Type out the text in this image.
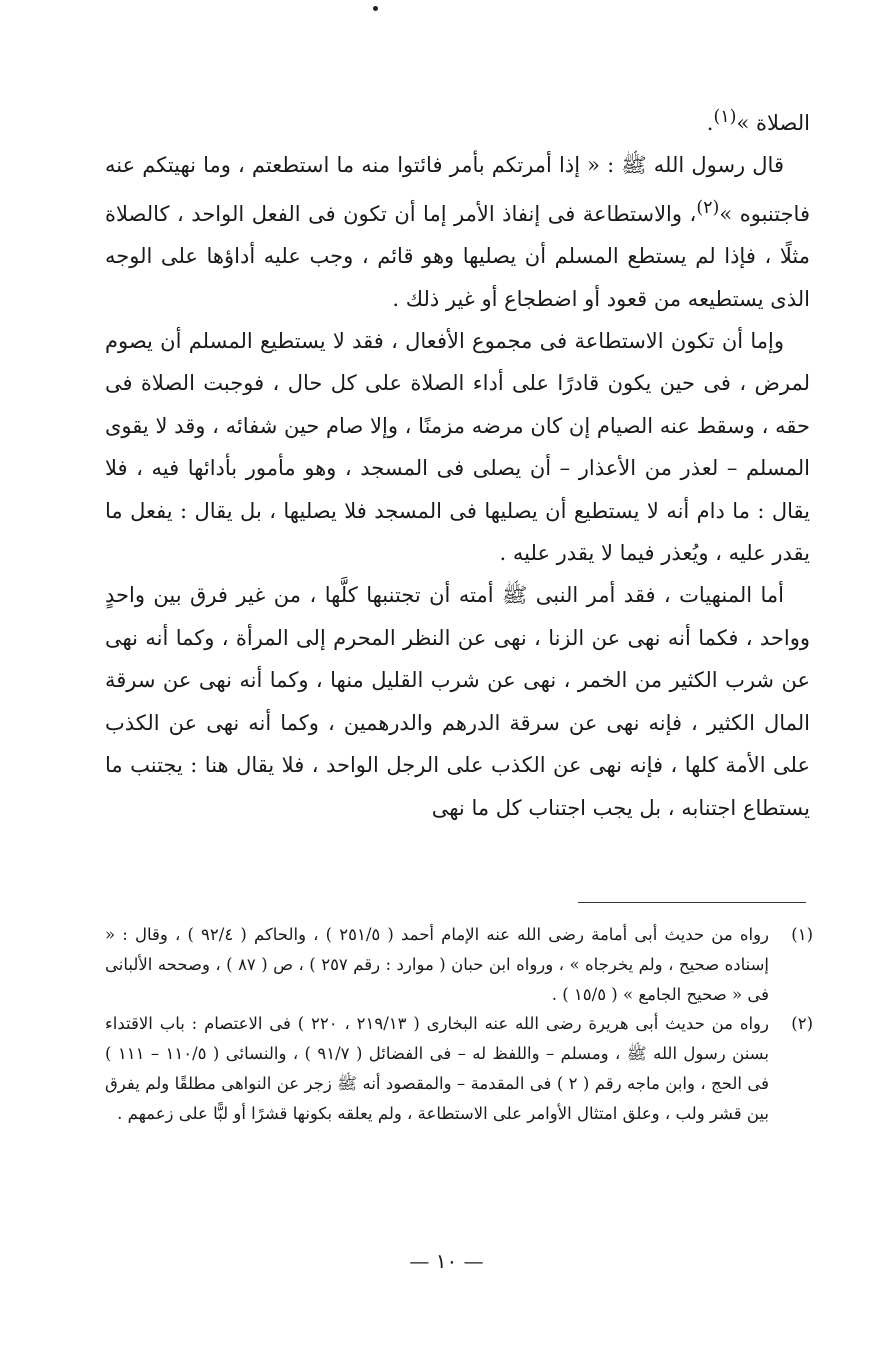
الصلاة »$^{(١)}$.

قال رسول الله ﷺ : « إذا أمرتكم بأمر فائتوا منه ما استطعتم ، وما نهيتكم عنه فاجتنبوه »$^{(٢)}$، والاستطاعة فى إنفاذ الأمر إما أن تكون فى الفعل الواحد ، كالصلاة مثلًا ، فإذا لم يستطع المسلم أن يصليها وهو قائم ، وجب عليه أداؤها على الوجه الذى يستطيعه من قعود أو اضطجاع أو غير ذلك .

وإما أن تكون الاستطاعة فى مجموع الأفعال ، فقد لا يستطيع المسلم أن يصوم لمرض ، فى حين يكون قادرًا على أداء الصلاة على كل حال ، فوجبت الصلاة فى حقه ، وسقط عنه الصيام إن كان مرضه مزمنًا ، وإلا صام حين شفائه ، وقد لا يقوى المسلم – لعذر من الأعذار – أن يصلى فى المسجد ، وهو مأمور بأدائها فيه ، فلا يقال : ما دام أنه لا يستطيع أن يصليها فى المسجد فلا يصليها ، بل يقال : يفعل ما يقدر عليه ، ويُعذر فيما لا يقدر عليه .

أما المنهيات ، فقد أمر النبى ﷺ أمته أن تجتنبها كلَّها ، من غير فرق بين واحدٍ وواحد ، فكما أنه نهى عن الزنا ، نهى عن النظر المحرم إلى المرأة ، وكما أنه نهى عن شرب الكثير من الخمر ، نهى عن شرب القليل منها ، وكما أنه نهى عن سرقة المال الكثير ، فإنه نهى عن سرقة الدرهم والدرهمين ، وكما أنه نهى عن الكذب على الأمة كلها ، فإنه نهى عن الكذب على الرجل الواحد ، فلا يقال هنا : يجتنب ما يستطاع اجتنابه ، بل يجب اجتناب كل ما نهى

(١)
رواه من حديث أبى أمامة رضى الله عنه الإمام أحمد ( ٢٥١/٥ ) ، والحاكم ( ٩٢/٤ ) ، وقال : « إسناده صحيح ، ولم يخرجاه » ، ورواه ابن حبان ( موارد : رقم ٢٥٧ ) ، ص ( ٨٧ ) ، وصححه الألبانى فى « صحيح الجامع » ( ١٥/٥ ) .
(٢)
رواه من حديث أبى هريرة رضى الله عنه البخارى ( ٢١٩/١٣ ، ٢٢٠ ) فى الاعتصام : باب الاقتداء بسنن رسول الله ﷺ ، ومسلم – واللفظ له – فى الفضائل ( ٩١/٧ ) ، والنسائى ( ١١٠/٥ – ١١١ ) فى الحج ، وابن ماجه رقم ( ٢ ) فى المقدمة – والمقصود أنه ﷺ زجر عن النواهى مطلقًا ولم يفرق بين قشر ولب ، وعلق امتثال الأوامر على الاستطاعة ، ولم يعلقه بكونها قشرًا أو لبًّا على زعمهم .
— ١٠ —
